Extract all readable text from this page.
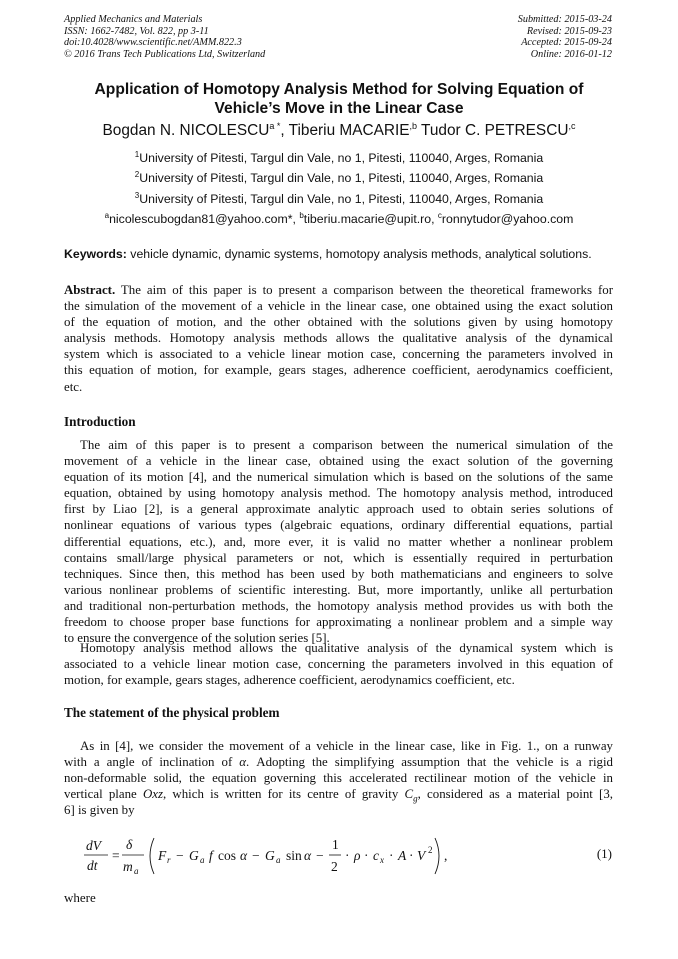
Applied Mechanics and Materials
ISSN: 1662-7482, Vol. 822, pp 3-11
doi:10.4028/www.scientific.net/AMM.822.3
© 2016 Trans Tech Publications Ltd, Switzerland
Submitted: 2015-03-24
Revised: 2015-09-23
Accepted: 2015-09-24
Online: 2016-01-12
Application of Homotopy Analysis Method for Solving Equation of
Vehicle’s Move in the Linear Case
Bogdan N. $NICOLESCU^{a *}$, Tiberiu $MACARIE^{,b}$ Tudor C. $PETRESCU^{,c}$
$^1$University of Pitesti, Targul din Vale, no 1, Pitesti, 110040, Arges, Romania
$^2$University of Pitesti, Targul din Vale, no 1, Pitesti, 110040, Arges, Romania
$^3$University of Pitesti, Targul din Vale, no 1, Pitesti, 110040, Arges, Romania
$^a$nicolescubogdan81@yahoo.com*, $^b$tiberiu.macarie@upit.ro, $^c$ronnytudor@yahoo.com
Keywords: vehicle dynamic, dynamic systems, homotopy analysis methods, analytical solutions.
Abstract. The aim of this paper is to present a comparison between the theoretical frameworks for
the simulation of the movement of a vehicle in the linear case, one obtained using the exact solution
of the equation of motion, and the other obtained with the solutions given by using homotopy
analysis methods. Homotopy analysis methods allows the qualitative analysis of the dynamical
system which is associated to a vehicle linear motion case, concerning the parameters involved in
this equation of motion, for example, gears stages, adherence coefficient, aerodynamics coefficient,
etc.
Introduction
The aim of this paper is to present a comparison between the numerical simulation of the
movement of a vehicle in the linear case, obtained using the exact solution of the governing
equation of its motion [4], and the numerical simulation which is based on the solutions of the same
equation, obtained by using homotopy analysis method. The homotopy analysis method, introduced
first by Liao [2], is a general approximate analytic approach used to obtain series solutions of
nonlinear equations of various types (algebraic equations, ordinary differential equations, partial
differential equations, etc.), and, more ever, it is valid no matter whether a nonlinear problem
contains small/large physical parameters or not, which is essentially required in perturbation
techniques. Since then, this method has been used by both mathematicians and engineers to solve
various nonlinear problems of scientific interesting. But, more importantly, unlike all perturbation
and traditional non-perturbation methods, the homotopy analysis method provides us with both the
freedom to choose proper base functions for approximating a nonlinear problem and a simple way
to ensure the convergence of the solution series [5].
Homotopy analysis method allows the qualitative analysis of the dynamical system which is
associated to a vehicle linear motion case, concerning the parameters involved in this equation of
motion, for example, gears stages, adherence coefficient, aerodynamics coefficient, etc.
The statement of the physical problem
As in [4], we consider the movement of a vehicle in the linear case, like in Fig. 1., on a runway
with a angle of inclination of α. Adopting the simplifying assumption that the vehicle is a rigid
non-deformable solid, the equation governing this accelerated rectilinear motion of the vehicle in
vertical plane Oxz, which is written for its centre of gravity $C_g$, considered as a material point [3,
6] is given by
dV
dt
=
δ
m a
F r − G a f cos α − G a sin α −
1
2
· ρ · c x · A · V 2 ,	(1)
where
